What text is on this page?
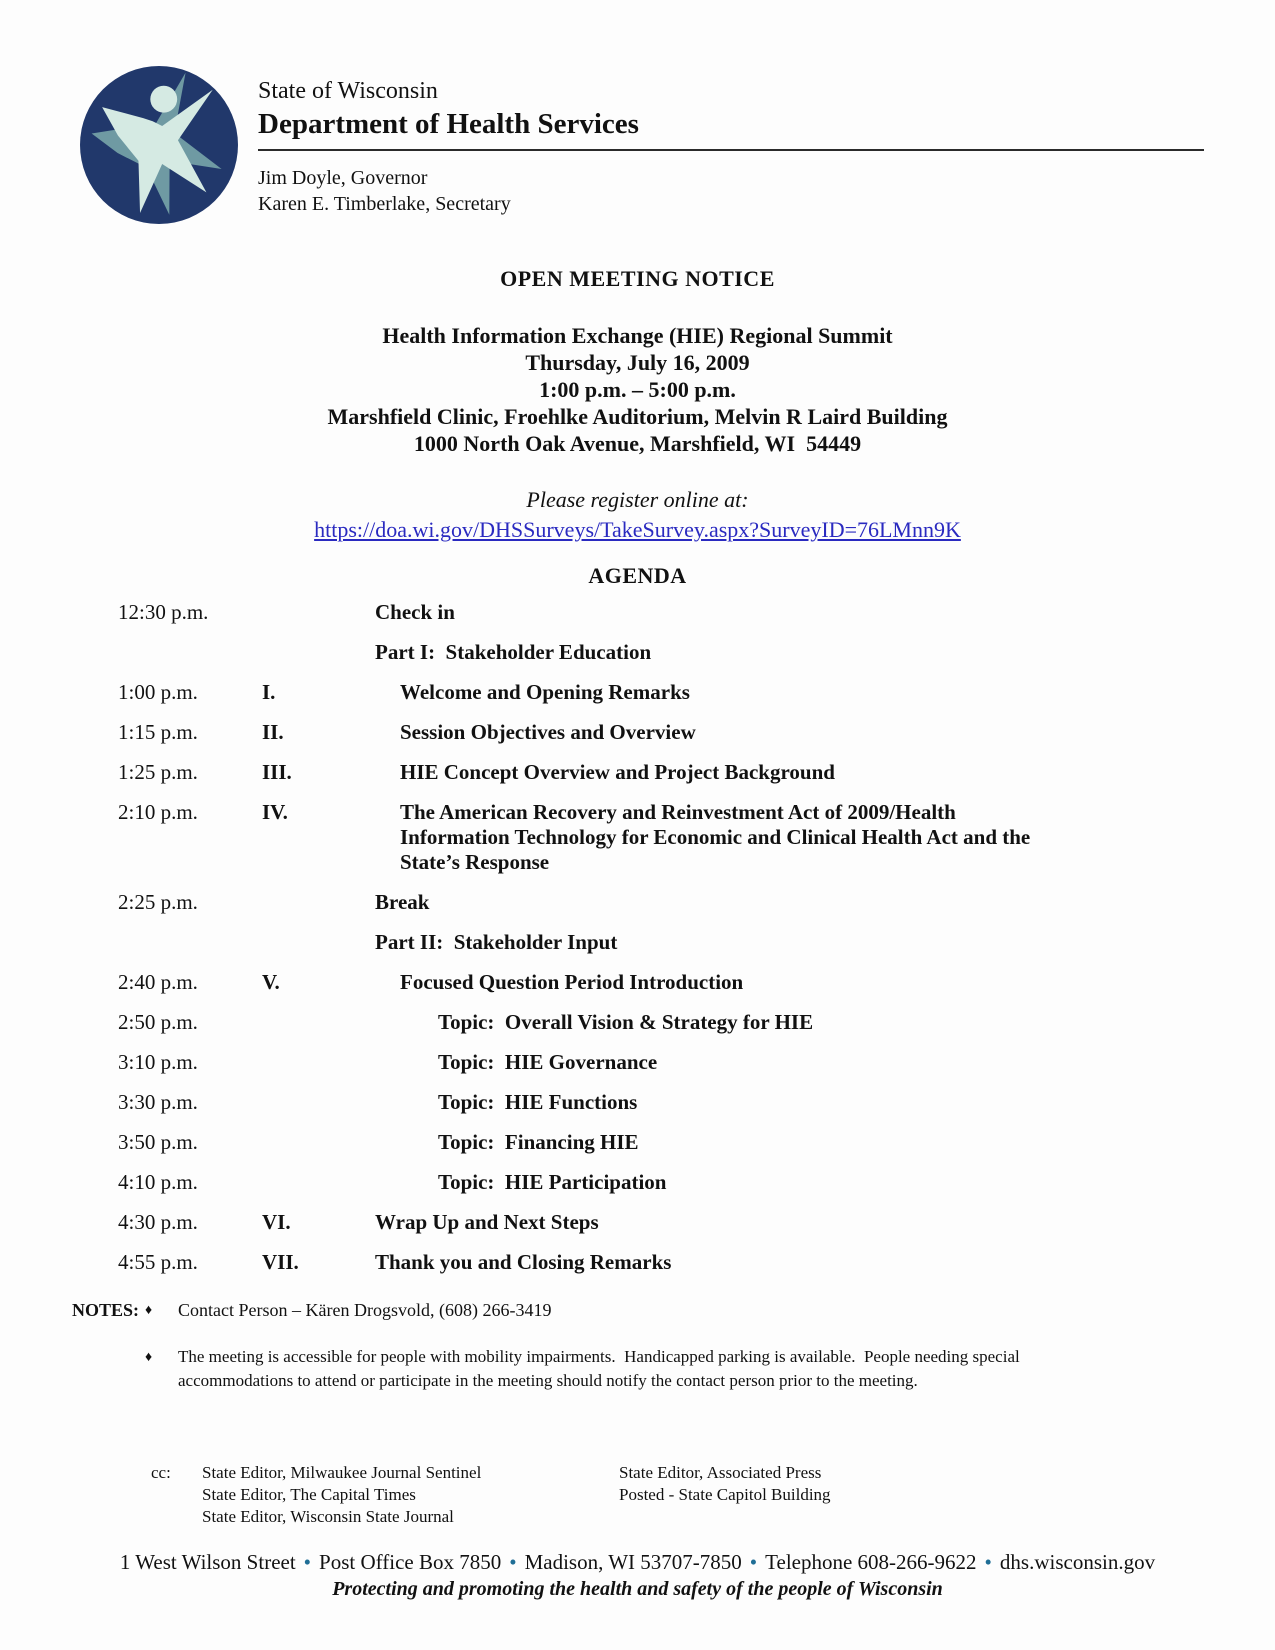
State of Wisconsin
Department of Health Services
Jim Doyle, Governor
Karen E. Timberlake, Secretary
OPEN MEETING NOTICE
Health Information Exchange (HIE) Regional Summit
Thursday, July 16, 2009
1:00 p.m. – 5:00 p.m.
Marshfield Clinic, Froehlke Auditorium, Melvin R Laird Building
1000 North Oak Avenue, Marshfield, WI  54449
Please register online at:
https://doa.wi.gov/DHSSurveys/TakeSurvey.aspx?SurveyID=76LMnn9K
AGENDA
12:30 p.m.	Check in
Part I:  Stakeholder Education
1:00 p.m.	I.	Welcome and Opening Remarks
1:15 p.m.	II.	Session Objectives and Overview
1:25 p.m.	III.	HIE Concept Overview and Project Background
2:10 p.m.	IV.	The American Recovery and Reinvestment Act of 2009/Health Information Technology for Economic and Clinical Health Act and the State’s Response
2:25 p.m.	Break
Part II:  Stakeholder Input
2:40 p.m.	V.	Focused Question Period Introduction
2:50 p.m.	Topic:  Overall Vision & Strategy for HIE
3:10 p.m.	Topic:  HIE Governance
3:30 p.m.	Topic:  HIE Functions
3:50 p.m.	Topic:  Financing HIE
4:10 p.m.	Topic:  HIE Participation
4:30 p.m.	VI.	Wrap Up and Next Steps
4:55 p.m.	VII.	Thank you and Closing Remarks
NOTES: ♦	Contact Person – Kären Drogsvold, (608) 266-3419
♦	The meeting is accessible for people with mobility impairments.  Handicapped parking is available.  People needing special accommodations to attend or participate in the meeting should notify the contact person prior to the meeting.
cc:	State Editor, Milwaukee Journal Sentinel
State Editor, The Capital Times
State Editor, Wisconsin State Journal
State Editor, Associated Press
Posted - State Capitol Building
1 West Wilson Street • Post Office Box 7850 • Madison, WI 53707-7850 • Telephone 608-266-9622 • dhs.wisconsin.gov
Protecting and promoting the health and safety of the people of Wisconsin
